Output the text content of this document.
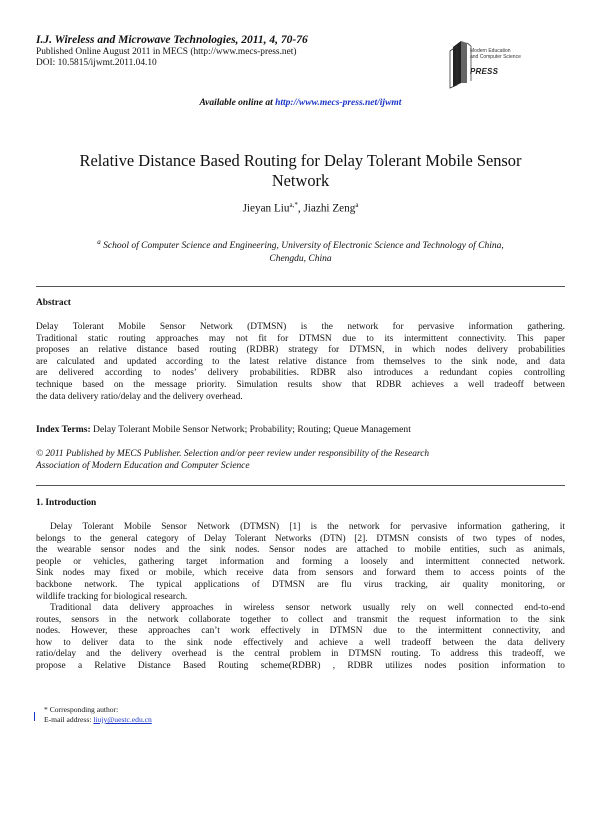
I.J. Wireless and Microwave Technologies, 2011, 4, 70-76
Published Online August 2011 in MECS (http://www.mecs-press.net)
DOI: 10.5815/ijwmt.2011.04.10
Modern Education
and Computer Science
PRESS
Available online at http://www.mecs-press.net/ijwmt
Relative Distance Based Routing for Delay Tolerant Mobile Sensor
Network
Jieyan Liu$^{a,*}$, Jiazhi Zeng$^a$
$^a$ School of Computer Science and Engineering, University of Electronic Science and Technology of China,
Chengdu, China
Abstract
Delay Tolerant Mobile Sensor Network (DTMSN) is the network for pervasive information gathering.
Traditional static routing approaches may not fit for DTMSN due to its intermittent connectivity. This paper
proposes an relative distance based routing (RDBR) strategy for DTMSN, in which nodes delivery probabilities
are calculated and updated according to the latest relative distance from themselves to the sink node, and data
are delivered according to nodes’ delivery probabilities. RDBR also introduces a redundant copies controlling
technique based on the message priority. Simulation results show that RDBR achieves a well tradeoff between
the data delivery ratio/delay and the delivery overhead.
Index Terms: Delay Tolerant Mobile Sensor Network; Probability; Routing; Queue Management
© 2011 Published by MECS Publisher. Selection and/or peer review under responsibility of the Research
Association of Modern Education and Computer Science
1. Introduction
Delay Tolerant Mobile Sensor Network (DTMSN) [1] is the network for pervasive information gathering, it
belongs to the general category of Delay Tolerant Networks (DTN) [2]. DTMSN consists of two types of nodes,
the wearable sensor nodes and the sink nodes. Sensor nodes are attached to mobile entities, such as animals,
people or vehicles, gathering target information and forming a loosely and intermittent connected network.
Sink nodes may fixed or mobile, which receive data from sensors and forward them to access points of the
backbone network. The typical applications of DTMSN are flu virus tracking, air quality monitoring, or
wildlife tracking for biological research.
Traditional data delivery approaches in wireless sensor network usually rely on well connected end-to-end
routes, sensors in the network collaborate together to collect and transmit the request information to the sink
nodes. However, these approaches can’t work effectively in DTMSN due to the intermittent connectivity, and
how to deliver data to the sink node effectively and achieve a well tradeoff between the data delivery
ratio/delay and the delivery overhead is the central problem in DTMSN routing. To address this tradeoff, we
propose a Relative Distance Based Routing scheme(RDBR) , RDBR utilizes nodes position information to
* Corresponding author:
E-mail address: liujy@uestc.edu.cn
